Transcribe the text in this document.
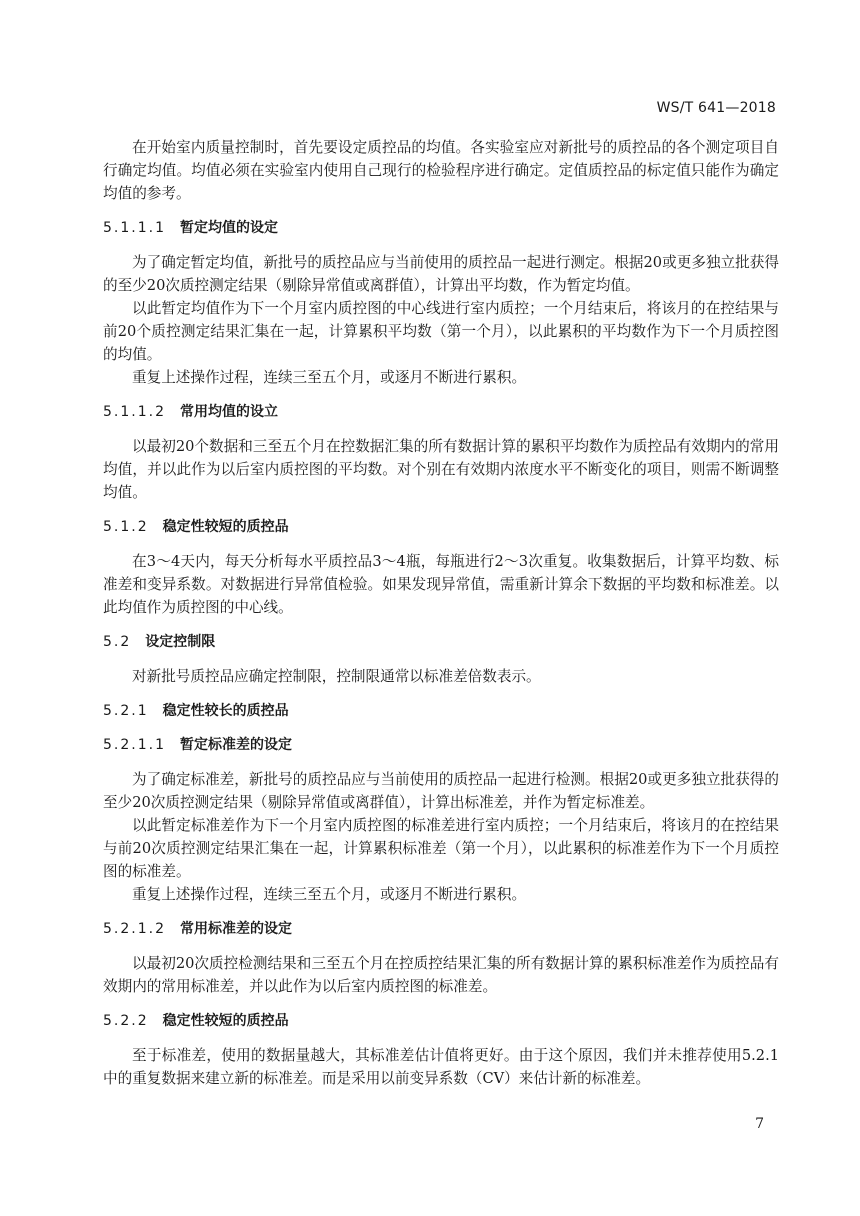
WS/T 641—2018

在开始室内质量控制时，首先要设定质控品的均值。各实验室应对新批号的质控品的各个测定项目自行确定均值。均值必须在实验室内使用自己现行的检验程序进行确定。定值质控品的标定值只能作为确定均值的参考。

5.1.1.1 暂定均值的设定

为了确定暂定均值，新批号的质控品应与当前使用的质控品一起进行测定。根据20或更多独立批获得的至少20次质控测定结果（剔除异常值或离群值），计算出平均数，作为暂定均值。

以此暂定均值作为下一个月室内质控图的中心线进行室内质控；一个月结束后，将该月的在控结果与前20个质控测定结果汇集在一起，计算累积平均数（第一个月），以此累积的平均数作为下一个月质控图的均值。

重复上述操作过程，连续三至五个月，或逐月不断进行累积。

5.1.1.2 常用均值的设立

以最初20个数据和三至五个月在控数据汇集的所有数据计算的累积平均数作为质控品有效期内的常用均值，并以此作为以后室内质控图的平均数。对个别在有效期内浓度水平不断变化的项目，则需不断调整均值。

5.1.2 稳定性较短的质控品

在3～4天内，每天分析每水平质控品3～4瓶，每瓶进行2～3次重复。收集数据后，计算平均数、标准差和变异系数。对数据进行异常值检验。如果发现异常值，需重新计算余下数据的平均数和标准差。以此均值作为质控图的中心线。

5.2 设定控制限

对新批号质控品应确定控制限，控制限通常以标准差倍数表示。

5.2.1 稳定性较长的质控品
5.2.1.1 暂定标准差的设定

为了确定标准差，新批号的质控品应与当前使用的质控品一起进行检测。根据20或更多独立批获得的至少20次质控测定结果（剔除异常值或离群值），计算出标准差，并作为暂定标准差。

以此暂定标准差作为下一个月室内质控图的标准差进行室内质控；一个月结束后，将该月的在控结果与前20次质控测定结果汇集在一起，计算累积标准差（第一个月），以此累积的标准差作为下一个月质控图的标准差。

重复上述操作过程，连续三至五个月，或逐月不断进行累积。

5.2.1.2 常用标准差的设定

以最初20次质控检测结果和三至五个月在控质控结果汇集的所有数据计算的累积标准差作为质控品有效期内的常用标准差，并以此作为以后室内质控图的标准差。

5.2.2 稳定性较短的质控品

至于标准差，使用的数据量越大，其标准差估计值将更好。由于这个原因，我们并未推荐使用5.2.1中的重复数据来建立新的标准差。而是采用以前变异系数（CV）来估计新的标准差。

7
